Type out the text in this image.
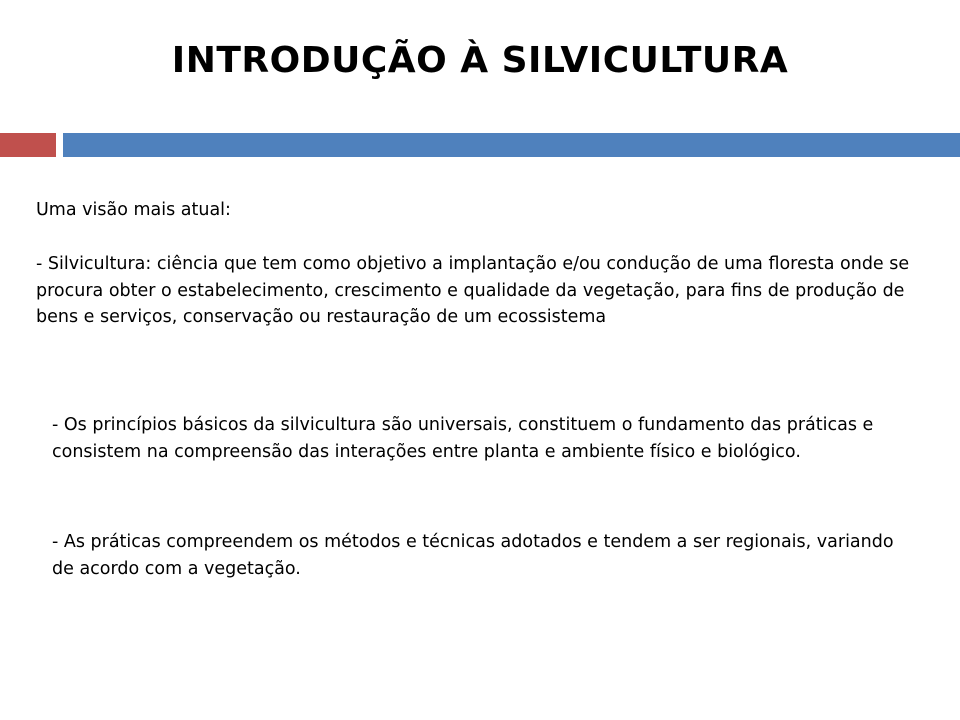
INTRODUÇÃO À SILVICULTURA
Uma visão mais atual:

- Silvicultura: ciência que tem como objetivo a implantação e/ou condução de uma floresta onde se procura obter o estabelecimento, crescimento e qualidade da vegetação, para fins de produção de bens e serviços, conservação ou restauração de um ecossistema

- Os princípios básicos da silvicultura são universais, constituem o fundamento das práticas e consistem na compreensão das interações entre planta e ambiente físico e biológico.

- As práticas compreendem os métodos e técnicas adotados e tendem a ser regionais, variando de acordo com a vegetação.
